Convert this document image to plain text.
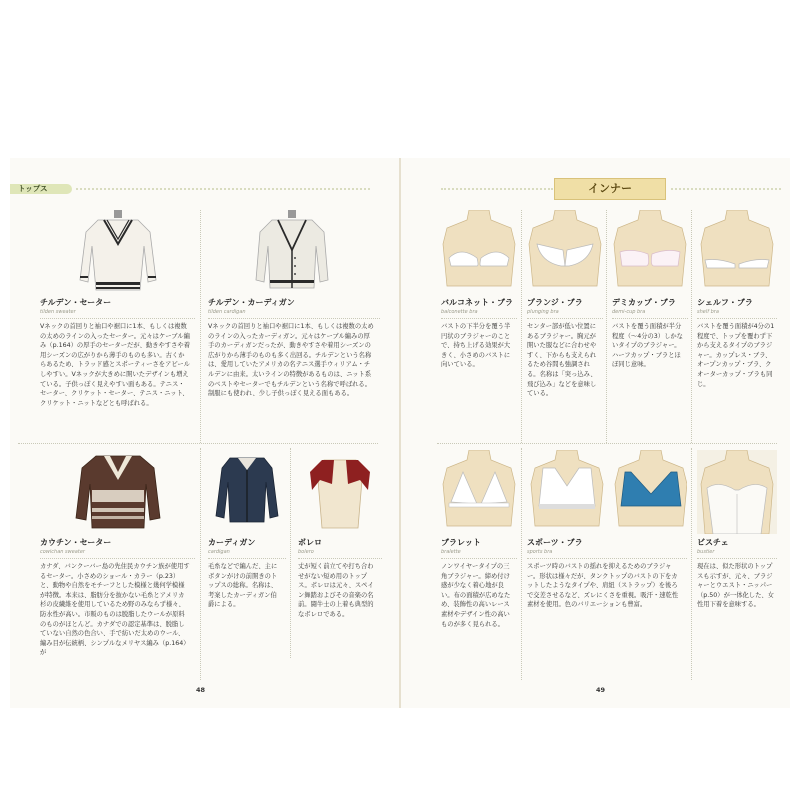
トップス
チルデン・セーター
tilden sweater
Vネックの首回りと袖口や裾口に1本、もしくは複数の太めのラインの入ったセーター。元々はケーブル編み（p.164）の厚手のセーターだが、動きやすさや着用シーズンの広がりから薄手のものも多い。古くからあるため、トラッド感とスポーティーさをアピールしやすい。Vネックが大きめに開いたデザインも増えている。子供っぽく見えやすい面もある。テニス・セーター、クリケット・セーター、テニス・ニット、クリケット・ニットなどとも呼ばれる。
チルデン・カーディガン
tilden cardigan
Vネックの首回りと袖口や裾口に1本、もしくは複数の太めのラインの入ったカーディガン。元々はケーブル編みの厚手のカーディガンだったが、動きやすさや着用シーズンの広がりから薄手のものも多く出回る。チルデンという名称は、愛用していたアメリカの名テニス選手ウィリアム・チルデンに由来。太いラインの特徴があるものは、ニット系のベストやセーターでもチルデンという名称で呼ばれる。制服にも使われ、少し子供っぽく見える面もある。
カウチン・セーター
cowichan sweater
カナダ、バンクーバー島の先住民カウチン族が使用するセーター。小さめのショール・カラー（p.23）と、動物や自然をモチーフとした模様と幾何学模様が特徴。本来は、脂肪分を抜かない毛糸とアメリカ杉の皮繊維を使用しているため野のみならず様々、防水性が高い。市販のものは脱脂したウールが原料のものがほとんど。カナダでの認定基準は、脱脂していない自然の色合い、手で紡いだ太めのウール、編み目が伝統柄、シンプルなメリヤス編み（p.164）が
カーディガン
cardigan
毛糸などで編んだ、主にボタンがけの前開きのトップスの総称。名称は、考案したカーディガン伯爵による。
ボレロ
bolero
丈が短く前立てや打ち合わせがない短め用のトップス。ボレロは元々、スペイン舞踏およびその音楽の名前。闘牛士の上着も典型的なボレロである。
48
インナー
バルコネット・ブラ
balconette bra
バストの下半分を覆う半円状のブラジャーのことで、持ち上げる効果が大きく、小さめのバストに向いている。
プランジ・ブラ
plunging bra
センター部が低い位置にあるブラジャー。胸元が開いた服などに合わせやすく、下からも支えられるため谷間も強調される。名称は「突っ込み、飛び込み」などを意味している。
デミカップ・ブラ
demi-cup bra
バストを覆う面積が半分程度（〜4分の3）しかないタイプのブラジャー。ハーフカップ・ブラとほぼ同じ意味。
シェルフ・ブラ
shelf bra
バストを覆う面積が4分の1程度で、トップを覆わず下から支えるタイプのブラジャー。カップレス・ブラ、オープンカップ・ブラ、クオーターカップ・ブラも同じ。
ブラレット
bralette
ノンワイヤータイプの三角ブラジャー。締め付け感が少なく着心地が良い。布の面積が広めなため、装飾性の高いレース素材やデザイン性の高いものが多く見られる。
スポーツ・ブラ
sports bra
スポーツ時のバストの揺れを抑えるためのブラジャー。形状は様々だが、タンクトップのバストの下をカットしたようなタイプや、肩紐（ストラップ）を後ろで交差させるなど、ズレにくさを重視。吸汗・速乾性素材を使用。色のバリエーションも豊富。
ビスチェ
bustier
現在は、似た形状のトップスも示すが、元々、ブラジャーとウエスト・ニッパー（p.50）が一体化した、女性用下着を意味する。
49
